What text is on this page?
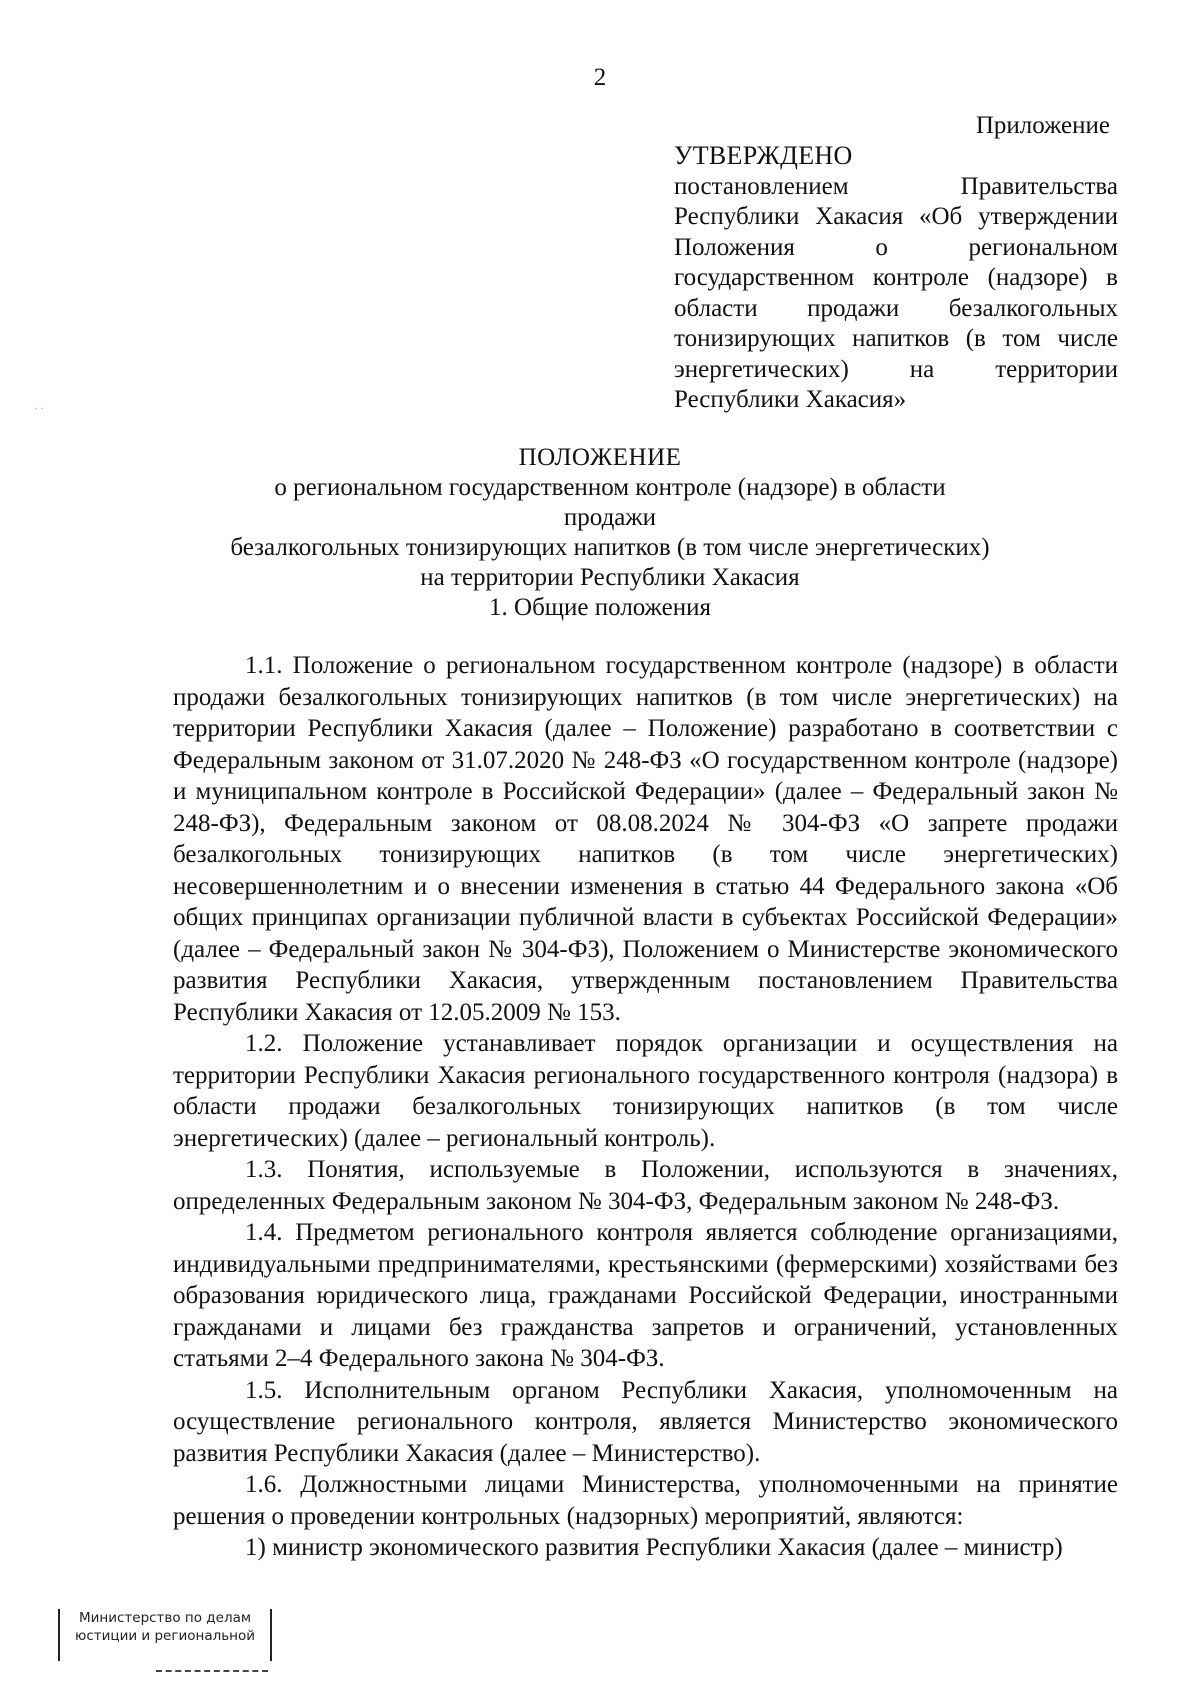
2
Приложение
УТВЕРЖДЕНО
постановлением Правительства Республики Хакасия «Об утверждении Положения о региональном государственном контроле (надзоре) в области продажи безалкогольных тонизирующих напитков (в том числе энергетических) на территории Республики Хакасия»
· ·
ПОЛОЖЕНИЕ
о региональном государственном контроле (надзоре) в области продажи
безалкогольных тонизирующих напитков (в том числе энергетических)
на территории Республики Хакасия
1. Общие положения

1.1. Положение о региональном государственном контроле (надзоре) в области продажи безалкогольных тонизирующих напитков (в том числе энергетических) на территории Республики Хакасия (далее – Положение) разработано в соответствии с Федеральным законом от 31.07.2020 № 248-ФЗ «О государственном контроле (надзоре) и муниципальном контроле в Российской Федерации» (далее – Федеральный закон № 248-ФЗ), Федеральным законом от 08.08.2024 № 304-ФЗ «О запрете продажи безалкогольных тонизирующих напитков (в том числе энергетических) несовершеннолетним и о внесении изменения в статью 44 Федерального закона «Об общих принципах организации публичной власти в субъектах Российской Федерации» (далее – Федеральный закон № 304-ФЗ), Положением о Министерстве экономического развития Республики Хакасия, утвержденным постановлением Правительства Республики Хакасия от 12.05.2009 № 153.

1.2. Положение устанавливает порядок организации и осуществления на территории Республики Хакасия регионального государственного контроля (надзора) в области продажи безалкогольных тонизирующих напитков (в том числе энергетических) (далее – региональный контроль).

1.3. Понятия, используемые в Положении, используются в значениях, определенных Федеральным законом № 304-ФЗ, Федеральным законом № 248-ФЗ.

1.4. Предметом регионального контроля является соблюдение организациями, индивидуальными предпринимателями, крестьянскими (фермерскими) хозяйствами без образования юридического лица, гражданами Российской Федерации, иностранными гражданами и лицами без гражданства запретов и ограничений, установленных статьями 2–4 Федерального закона № 304-ФЗ.

1.5. Исполнительным органом Республики Хакасия, уполномоченным на осуществление регионального контроля, является Министерство экономического развития Республики Хакасия (далее – Министерство).

1.6. Должностными лицами Министерства, уполномоченными на принятие решения о проведении контрольных (надзорных) мероприятий, являются:

1) министр экономического развития Республики Хакасия (далее – министр)

Министерство по делам
юстиции и региональной
